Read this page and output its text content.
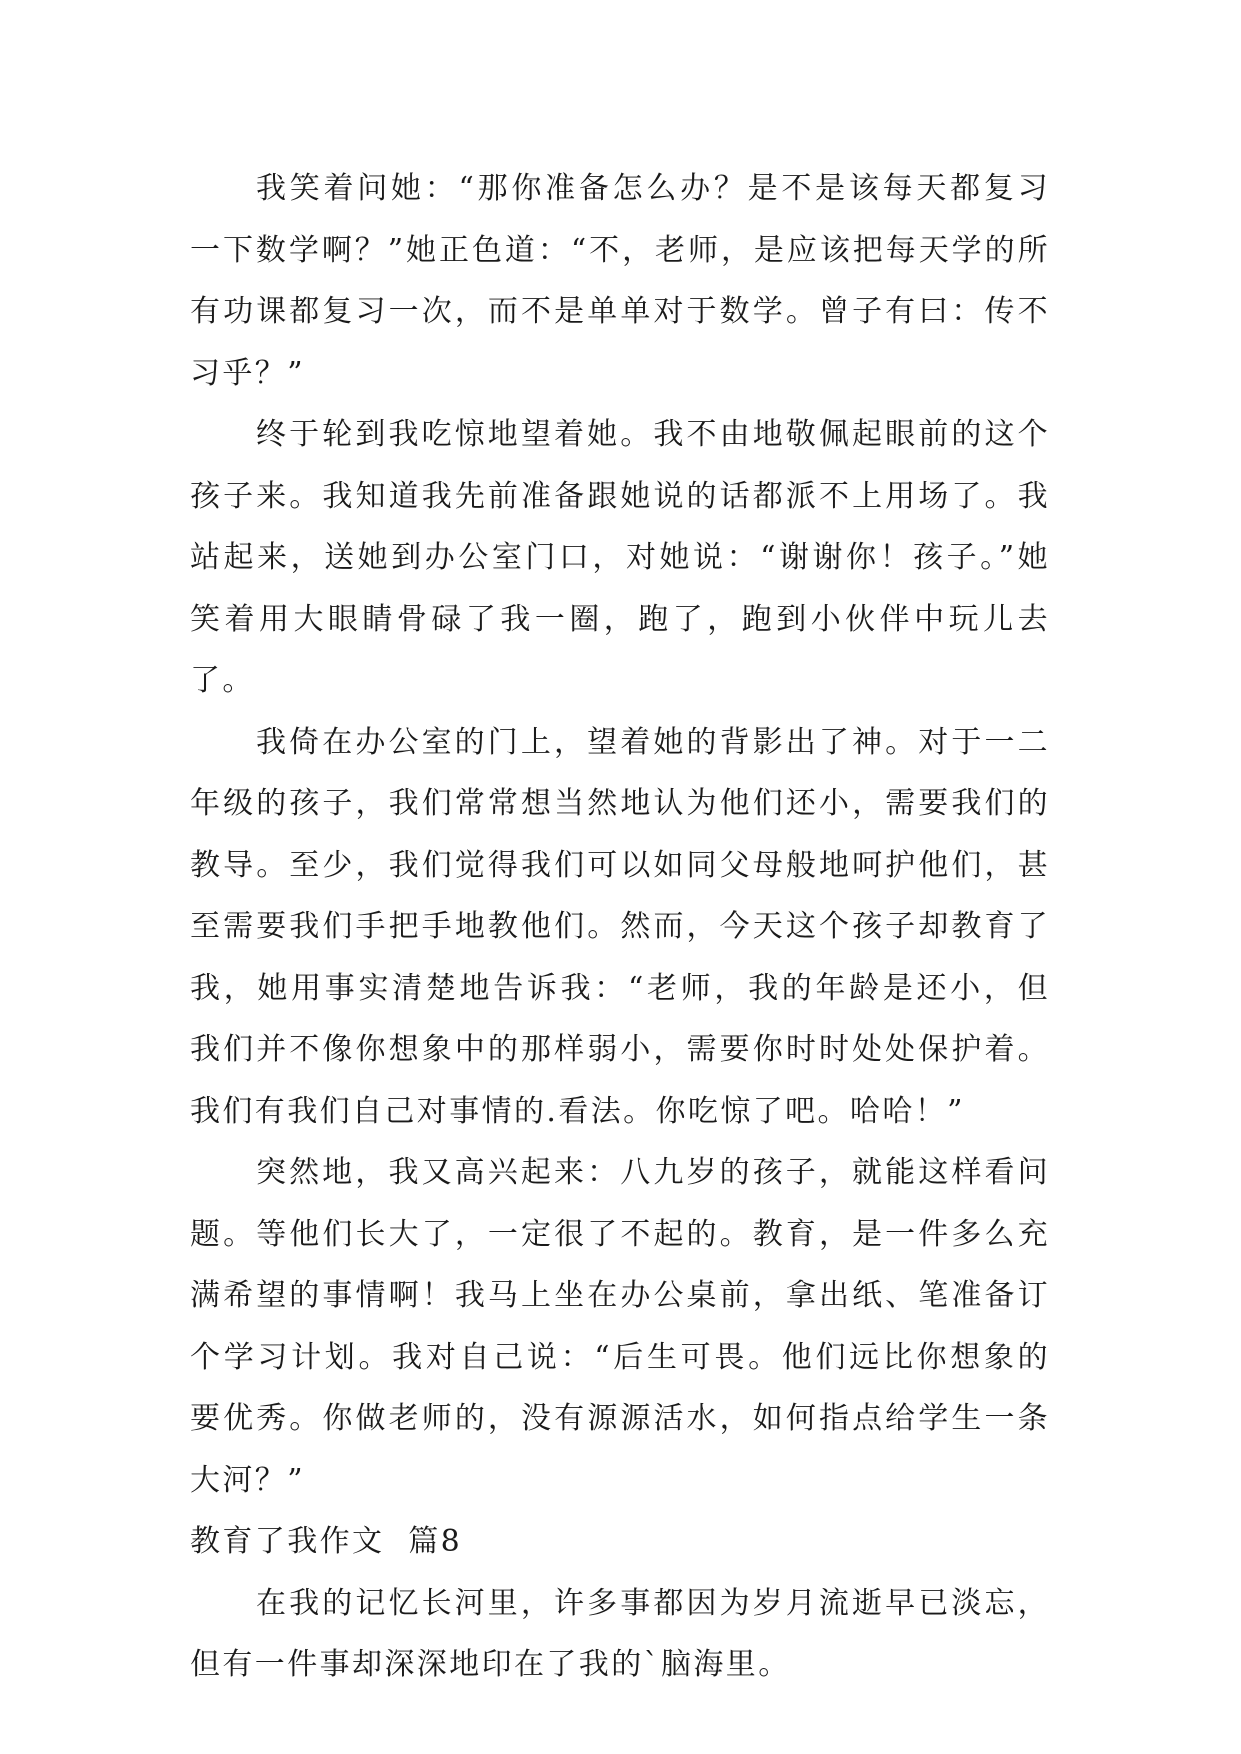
我笑着问她：“那你准备怎么办？是不是该每天都复习一下数学啊？”她正色道：“不，老师，是应该把每天学的所有功课都复习一次，而不是单单对于数学。曾子有曰：传不习乎？”

终于轮到我吃惊地望着她。我不由地敬佩起眼前的这个孩子来。我知道我先前准备跟她说的话都派不上用场了。我站起来，送她到办公室门口，对她说：“谢谢你！孩子。”她笑着用大眼睛骨碌了我一圈，跑了，跑到小伙伴中玩儿去了。

我倚在办公室的门上，望着她的背影出了神。对于一二年级的孩子，我们常常想当然地认为他们还小，需要我们的教导。至少，我们觉得我们可以如同父母般地呵护他们，甚至需要我们手把手地教他们。然而，今天这个孩子却教育了我，她用事实清楚地告诉我：“老师，我的年龄是还小，但我们并不像你想象中的那样弱小，需要你时时处处保护着。我们有我们自己对事情的.看法。你吃惊了吧。哈哈！”

突然地，我又高兴起来：八九岁的孩子，就能这样看问题。等他们长大了，一定很了不起的。教育，是一件多么充满希望的事情啊！我马上坐在办公桌前，拿出纸、笔准备订个学习计划。我对自己说：“后生可畏。他们远比你想象的要优秀。你做老师的，没有源源活水，如何指点给学生一条大河？”

教育了我作文  篇8

在我的记忆长河里，许多事都因为岁月流逝早已淡忘，但有一件事却深深地印在了我的`脑海里。
